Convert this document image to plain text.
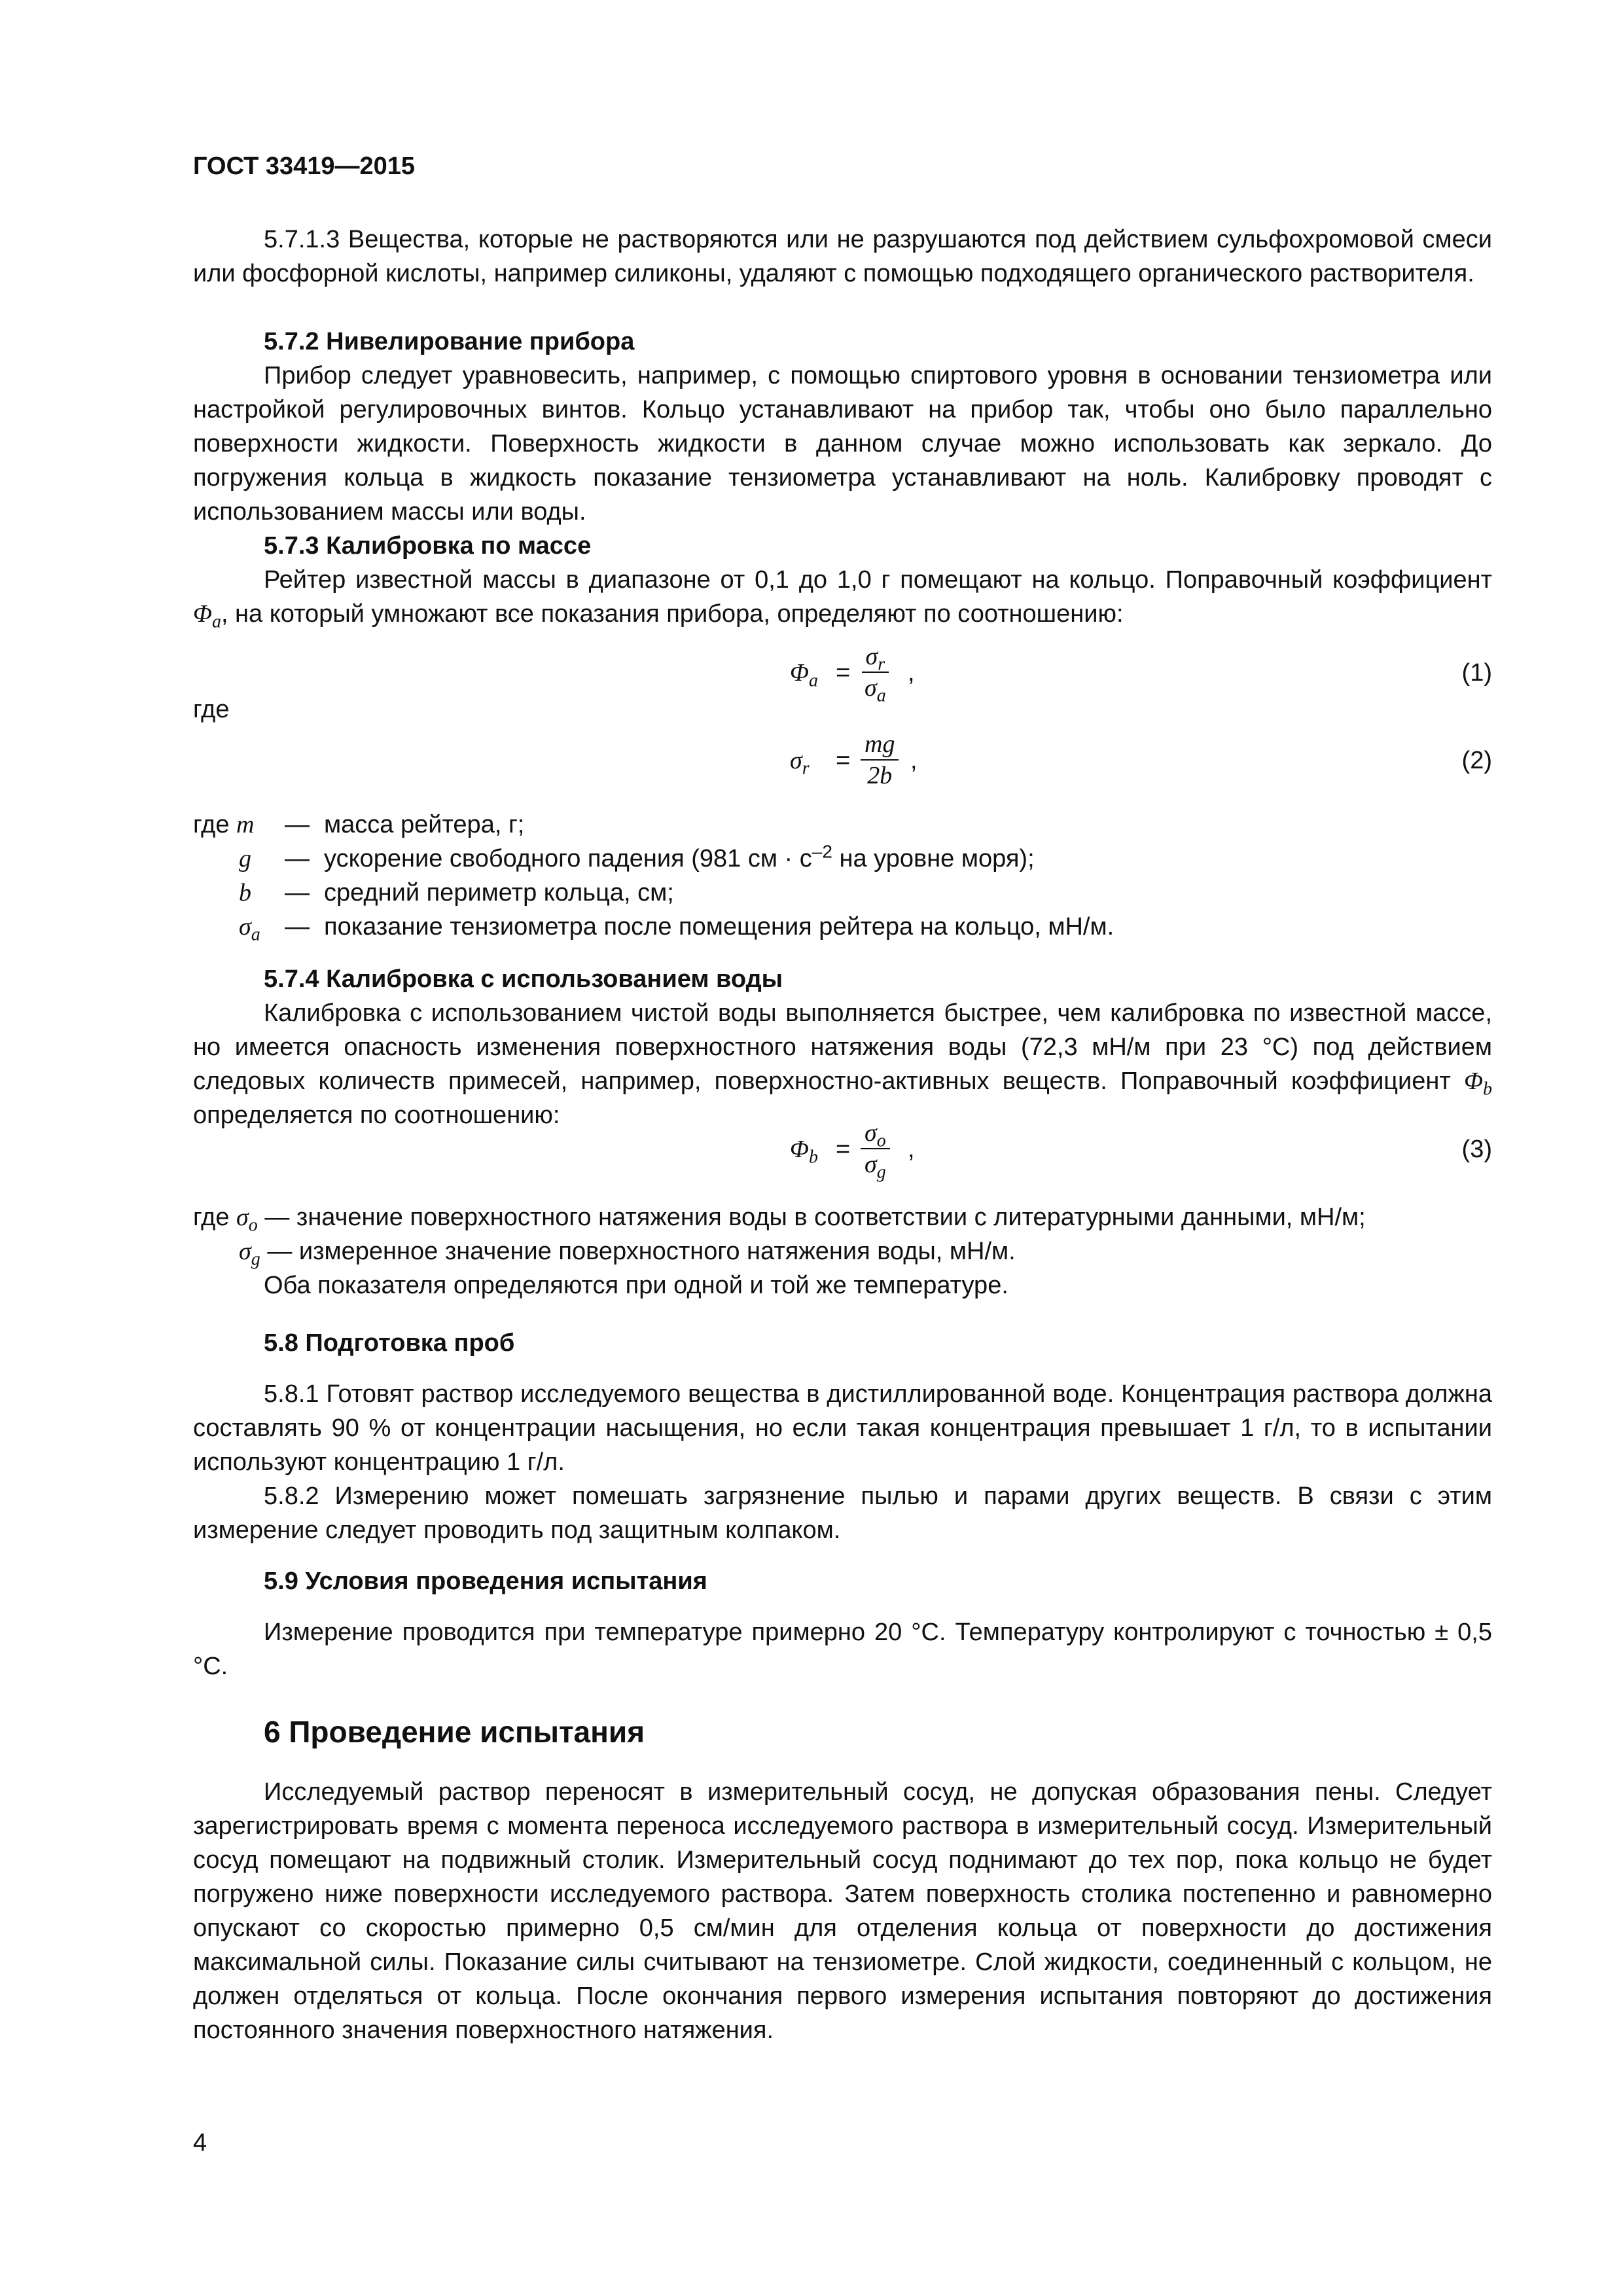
ГОСТ 33419—2015

5.7.1.3 Вещества, которые не растворяются или не разрушаются под действием сульфохромовой смеси или фосфорной кислоты, например силиконы, удаляют с помощью подходящего органического растворителя.

5.7.2 Нивелирование прибора

Прибор следует уравновесить, например, с помощью спиртового уровня в основании тензиометра или настройкой регулировочных винтов. Кольцо устанавливают на прибор так, чтобы оно было параллельно поверхности жидкости. Поверхность жидкости в данном случае можно использовать как зеркало. До погружения кольца в жидкость показание тензиометра устанавливают на ноль. Калибровку проводят с использованием массы или воды.

5.7.3 Калибровка по массе

Рейтер известной массы в диапазоне от 0,1 до 1,0 г помещают на кольцо. Поправочный коэффициент $\Phi_a$, на который умножают все показания прибора, определяют по соотношению:

$\Phi_a = \frac{\sigma_r}{\sigma_a}$ ,	(1)
где
$\sigma_r = \frac{mg}{2b}$ ,	(2)
где m	— масса рейтера, г;
g	— ускорение свободного падения (981 см · $с^{-2}$ на уровне моря);
b	— средний периметр кольца, см;
$\sigma_a$ — показание тензиометра после помещения рейтера на кольцо, мН/м.
5.7.4 Калибровка с использованием воды

Калибровка с использованием чистой воды выполняется быстрее, чем калибровка по известной массе, но имеется опасность изменения поверхностного натяжения воды (72,3 мН/м при 23 °С) под действием следовых количеств примесей, например, поверхностно-активных веществ. Поправочный коэффициент $\Phi_b$ определяется по соотношению:

$\Phi_b = \frac{\sigma_o}{\sigma_g}$ ,	(3)
где $\sigma_o$ — значение поверхностного натяжения воды в соответствии с литературными данными, мН/м;
$\sigma_g$ — измеренное значение поверхностного натяжения воды, мН/м.

Оба показателя определяются при одной и той же температуре.

5.8 Подготовка проб

5.8.1 Готовят раствор исследуемого вещества в дистиллированной воде. Концентрация раствора должна составлять 90 % от концентрации насыщения, но если такая концентрация превышает 1 г/л, то в испытании используют концентрацию 1 г/л.

5.8.2 Измерению может помешать загрязнение пылью и парами других веществ. В связи с этим измерение следует проводить под защитным колпаком.

5.9 Условия проведения испытания

Измерение проводится при температуре примерно 20 °С. Температуру контролируют с точностью ± 0,5 °С.

6 Проведение испытания

Исследуемый раствор переносят в измерительный сосуд, не допуская образования пены. Следует зарегистрировать время с момента переноса исследуемого раствора в измерительный сосуд. Измерительный сосуд помещают на подвижный столик. Измерительный сосуд поднимают до тех пор, пока кольцо не будет погружено ниже поверхности исследуемого раствора. Затем поверхность столика постепенно и равномерно опускают со скоростью примерно 0,5 см/мин для отделения кольца от поверхности до достижения максимальной силы. Показание силы считывают на тензиометре. Слой жидкости, соединенный с кольцом, не должен отделяться от кольца. После окончания первого измерения испытания повторяют до достижения постоянного значения поверхностного натяжения.

4
